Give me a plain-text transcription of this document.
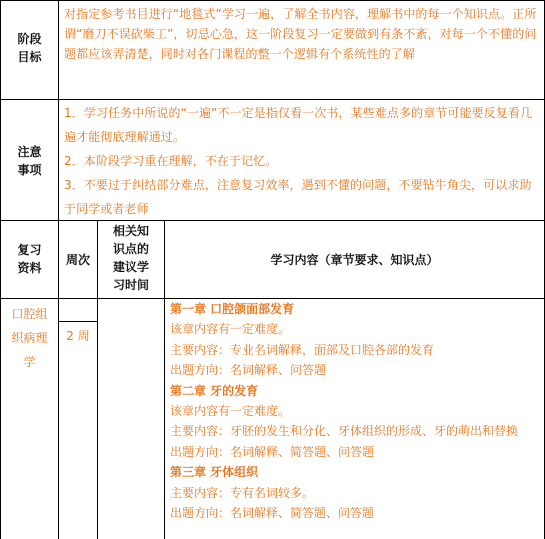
阶段
目标

对指定参考书目进行“地毯式”学习一遍，了解全书内容，理解书中的每一个知识点。正所谓“磨刀不误砍柴工”，切忌心急，这一阶段复习一定要做到有条不紊，对每一个不懂的问题都应该弄清楚，同时对各门课程的整一个逻辑有个系统性的了解

注意
事项

1．学习任务中所说的“一遍”不一定是指仅看一次书，某些难点多的章节可能要反复看几遍才能彻底理解通过。

2．本阶段学习重在理解，不在于记忆。

3．不要过于纠结部分难点，注意复习效率，遇到不懂的问题，不要钻牛角尖，可以求助于同学或者老师

复习
资料
周次
相关知
识点的
建议学
习时间
学习内容（章节要求、知识点）
口腔组
织病理
学
2 周

第一章 口腔颌面部发育

该章内容有一定难度。

主要内容：专业名词解释，面部及口腔各部的发育

出题方向：名词解释、问答题

第二章 牙的发育

该章内容有一定难度。

主要内容：牙胚的发生和分化、牙体组织的形成、牙的萌出和替换

出题方向：名词解释、简答题、问答题

第三章 牙体组织

主要内容：专有名词较多。

出题方向：名词解释、简答题、问答题
